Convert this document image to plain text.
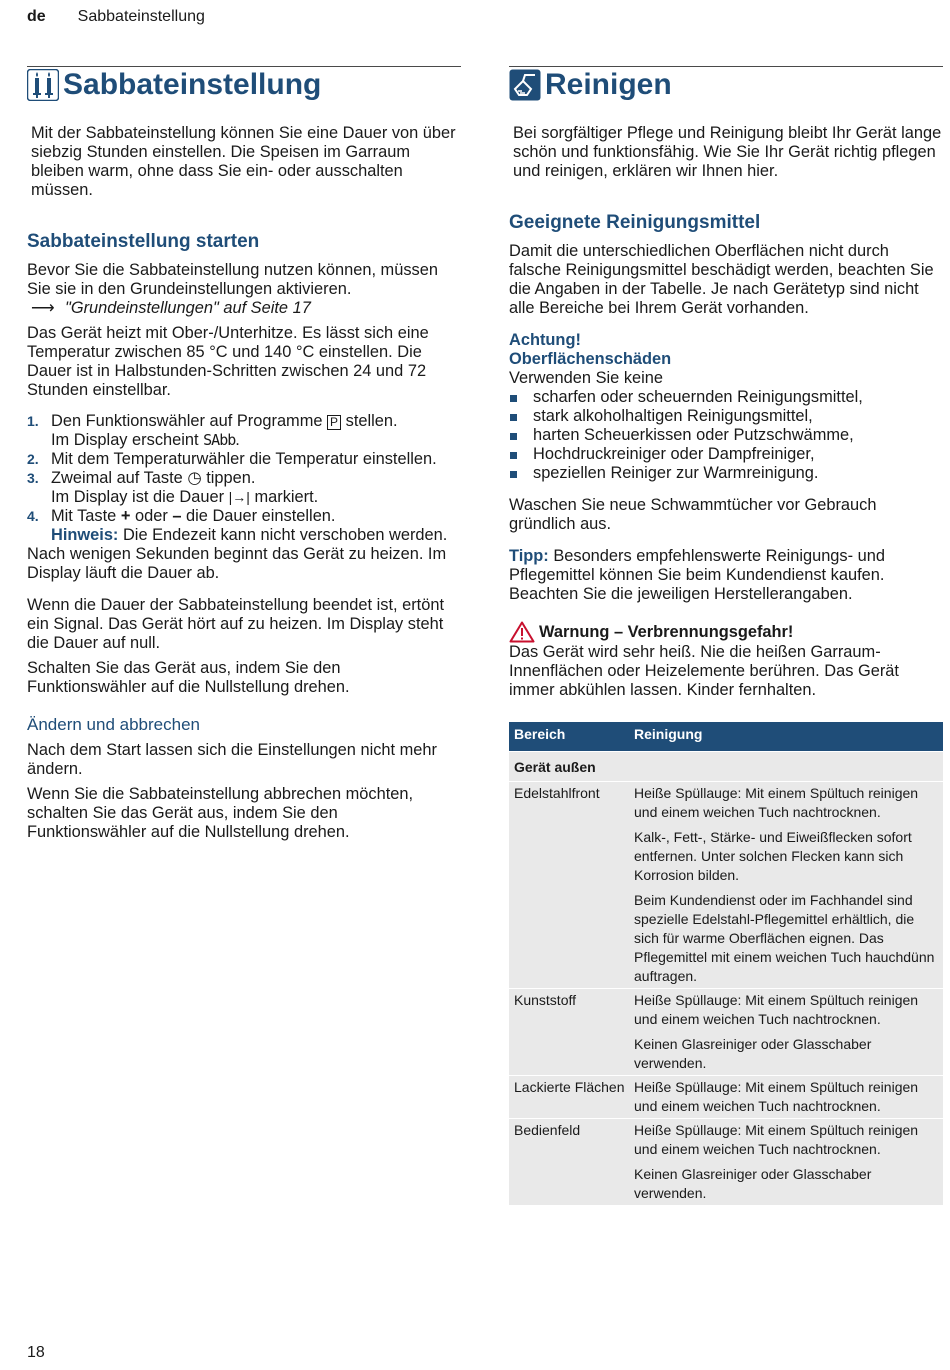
de Sabbateinstellung
Sabbateinstellung

Mit der Sabbateinstellung können Sie eine Dauer von über siebzig Stunden einstellen. Die Speisen im Garraum bleiben warm, ohne dass Sie ein- oder ausschalten müssen.

Sabbateinstellung starten

Bevor Sie die Sabbateinstellung nutzen können, müssen Sie sie in den Grundeinstellungen aktivieren.

⟶ "Grundeinstellungen" auf Seite 17

Das Gerät heizt mit Ober-/Unterhitze. Es lässt sich eine Temperatur zwischen 85 °C und 140 °C einstellen. Die Dauer ist in Halbstunden-Schritten zwischen 24 und 72 Stunden einstellbar.

1. Den Funktionswähler auf Programme P stellen.
Im Display erscheint SAbb.
2. Mit dem Temperaturwähler die Temperatur einstellen.
3. Zweimal auf Taste ◷ tippen.
Im Display ist die Dauer |→| markiert.
4. Mit Taste + oder – die Dauer einstellen.
Hinweis: Die Endezeit kann nicht verschoben werden.

Nach wenigen Sekunden beginnt das Gerät zu heizen. Im Display läuft die Dauer ab.

Wenn die Dauer der Sabbateinstellung beendet ist, ertönt ein Signal. Das Gerät hört auf zu heizen. Im Display steht die Dauer auf null.

Schalten Sie das Gerät aus, indem Sie den Funktionswähler auf die Nullstellung drehen.

Ändern und abbrechen

Nach dem Start lassen sich die Einstellungen nicht mehr ändern.

Wenn Sie die Sabbateinstellung abbrechen möchten, schalten Sie das Gerät aus, indem Sie den Funktionswähler auf die Nullstellung drehen.

Reinigen

Bei sorgfältiger Pflege und Reinigung bleibt Ihr Gerät lange schön und funktionsfähig. Wie Sie Ihr Gerät richtig pflegen und reinigen, erklären wir Ihnen hier.

Geeignete Reinigungsmittel

Damit die unterschiedlichen Oberflächen nicht durch falsche Reinigungsmittel beschädigt werden, beachten Sie die Angaben in der Tabelle. Je nach Gerätetyp sind nicht alle Bereiche bei Ihrem Gerät vorhanden.

Achtung!

Oberflächenschäden

Verwenden Sie keine

scharfen oder scheuernden Reinigungsmittel,
stark alkoholhaltigen Reinigungsmittel,
harten Scheuerkissen oder Putzschwämme,
Hochdruckreiniger oder Dampfreiniger,
speziellen Reiniger zur Warmreinigung.

Waschen Sie neue Schwammtücher vor Gebrauch gründlich aus.

Tipp: Besonders empfehlenswerte Reinigungs- und Pflegemittel können Sie beim Kundendienst kaufen. Beachten Sie die jeweiligen Herstellerangaben.

Warnung – Verbrennungsgefahr!

Das Gerät wird sehr heiß. Nie die heißen Garraum-Innenflächen oder Heizelemente berühren. Das Gerät immer abkühlen lassen. Kinder fernhalten.

Bereich	Reinigung
Gerät außen	
Edelstahlfront	Heiße Spüllauge: Mit einem Spültuch reinigen und einem weichen Tuch nachtrocknen.
Kalk-, Fett-, Stärke- und Eiweißflecken sofort entfernen. Unter solchen Flecken kann sich Korrosion bilden.
Beim Kundendienst oder im Fachhandel sind spezielle Edelstahl-Pflegemittel erhältlich, die sich für warme Oberflächen eignen. Das Pflegemittel mit einem weichen Tuch hauchdünn auftragen.

Kunststoff	Heiße Spüllauge: Mit einem Spültuch reinigen und einem weichen Tuch nachtrocknen.
Keinen Glasreiniger oder Glasschaber verwenden.

Lackierte Flächen	Heiße Spüllauge: Mit einem Spültuch reinigen und einem weichen Tuch nachtrocknen.

Bedienfeld	Heiße Spüllauge: Mit einem Spültuch reinigen und einem weichen Tuch nachtrocknen.
Keinen Glasreiniger oder Glasschaber verwenden.
18
